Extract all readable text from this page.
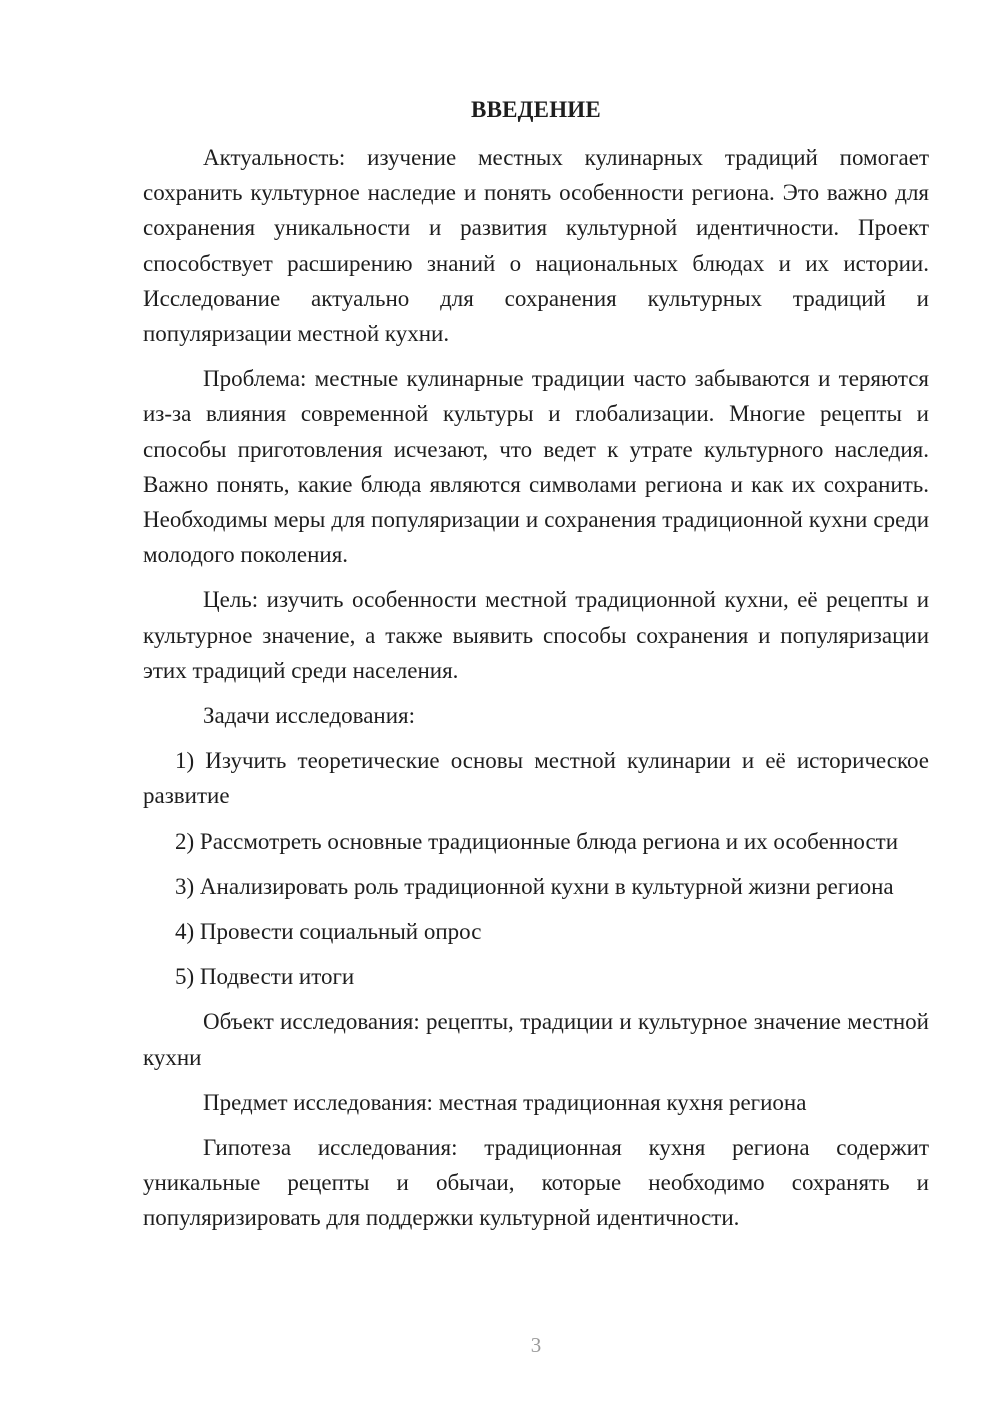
ВВЕДЕНИЕ

Актуальность: изучение местных кулинарных традиций помогает сохранить культурное наследие и понять особенности региона. Это важно для сохранения уникальности и развития культурной идентичности. Проект способствует расширению знаний о национальных блюдах и их истории. Исследование актуально для сохранения культурных традиций и популяризации местной кухни.

Проблема: местные кулинарные традиции часто забываются и теряются из-за влияния современной культуры и глобализации. Многие рецепты и способы приготовления исчезают, что ведет к утрате культурного наследия. Важно понять, какие блюда являются символами региона и как их сохранить. Необходимы меры для популяризации и сохранения традиционной кухни среди молодого поколения.

Цель: изучить особенности местной традиционной кухни, её рецепты и культурное значение, а также выявить способы сохранения и популяризации этих традиций среди населения.

Задачи исследования:

1) Изучить теоретические основы местной кулинарии и её историческое развитие

2) Рассмотреть основные традиционные блюда региона и их особенности

3) Анализировать роль традиционной кухни в культурной жизни региона

4) Провести социальный опрос

5) Подвести итоги

Объект исследования: рецепты, традиции и культурное значение местной кухни

Предмет исследования: местная традиционная кухня региона

Гипотеза исследования: традиционная кухня региона содержит уникальные рецепты и обычаи, которые необходимо сохранять и популяризировать для поддержки культурной идентичности.

3
